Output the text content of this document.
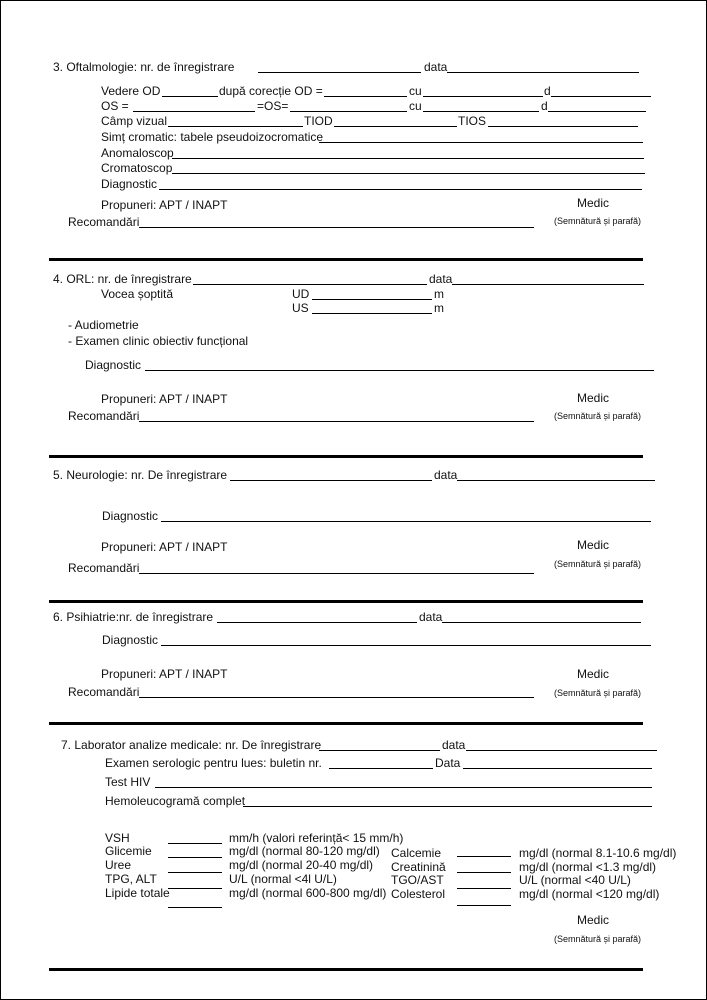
3. Oftalmologie: nr. de înregistrare	data
Vedere OD	după corecție OD =	cu	d
OS =	=OS=	cu	d
Câmp vizual	TIOD	TIOS
Simț cromatic: tabele pseudoizocromatice
Anomaloscop
Cromatoscop
Diagnostic
Propuneri: APT / INAPT	Medic
Recomandări	(Semnătură și parafă)
4. ORL: nr. de înregistrare	data
Vocea șoptită	UD	m
US	m
- Audiometrie
- Examen clinic obiectiv funcțional
Diagnostic
Propuneri: APT / INAPT	Medic
Recomandări	(Semnătură și parafă)
5. Neurologie: nr. De înregistrare	data
Diagnostic
Propuneri: APT / INAPT	Medic
Recomandări	(Semnătură și parafă)
6. Psihiatrie:nr. de înregistrare	data
Diagnostic
Propuneri: APT / INAPT	Medic
Recomandări	(Semnătură și parafă)
7. Laborator analize medicale: nr. De înregistrare	data
Examen serologic pentru lues: buletin nr.	Data
Test HIV
Hemoleucogramă complet
VSH	mm/h (valori referință< 15 mm/h)
Glicemie	mg/dl (normal 80-120 mg/dl)
Uree	mg/dl (normal 20-40 mg/dl)
TPG, ALT	U/L (normal <4l U/L)
Lipide totale	mg/dl (normal 600-800 mg/dl)
Calcemie	mg/dl (normal 8.1-10.6 mg/dl)
Creatinină	mg/dl (normal <1.3 mg/dl)
TGO/AST	U/L (normal <40 U/L)
Colesterol	mg/dl (normal <120 mg/dl)
Medic
(Semnătură și parafă)
